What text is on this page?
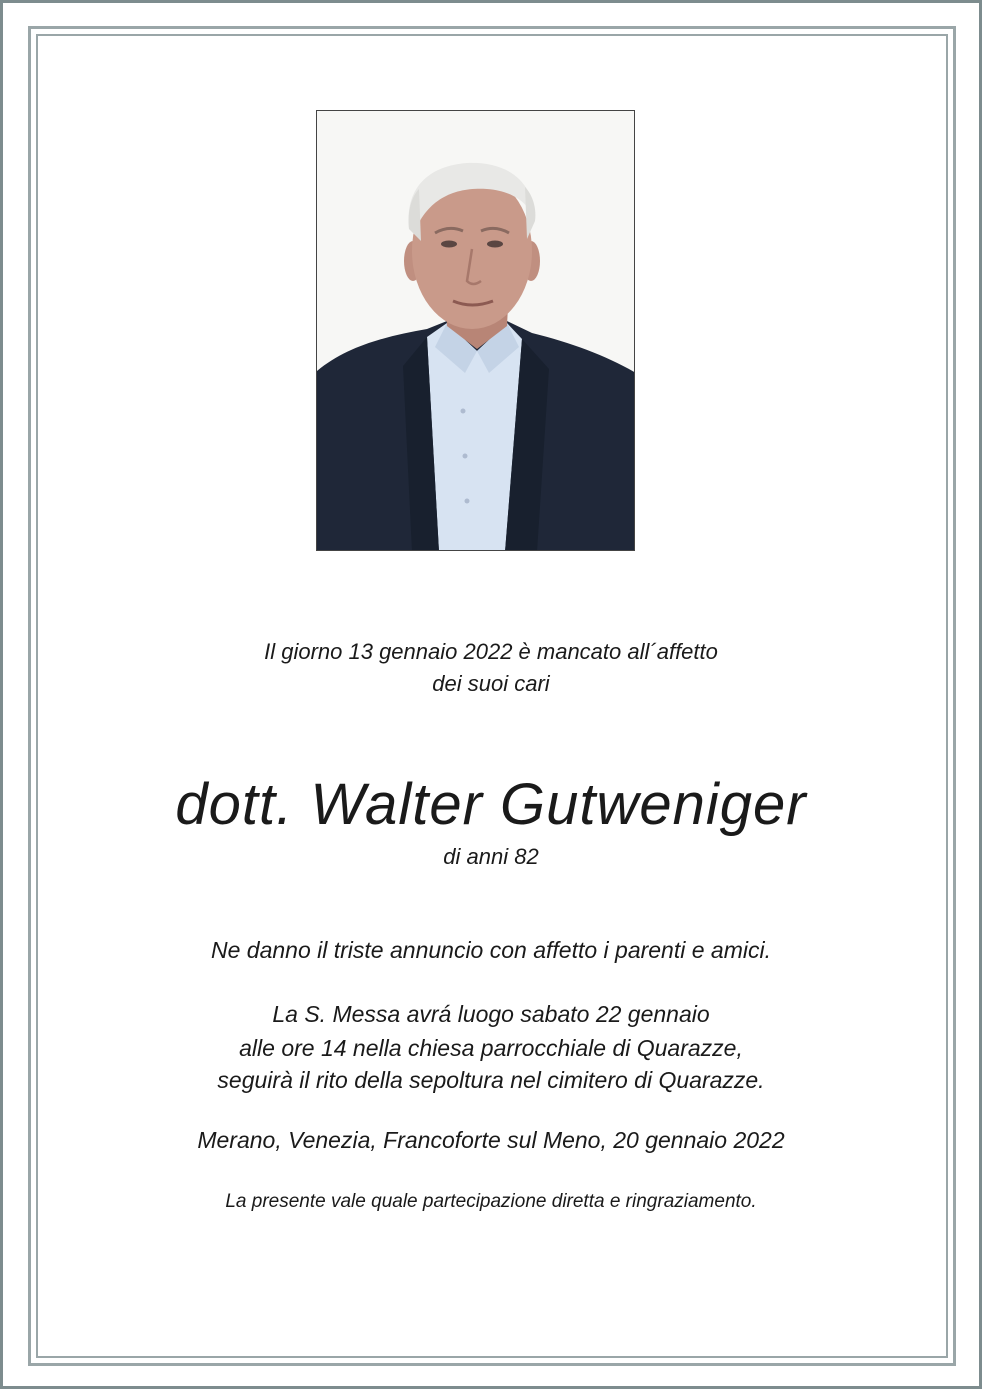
Il giorno 13 gennaio 2022 è mancato all´affetto
dei suoi cari
dott. Walter Gutweniger
di anni 82
Ne danno il triste annuncio con affetto i parenti e amici.
La S. Messa avrá luogo sabato 22 gennaio
alle ore 14 nella chiesa parrocchiale di Quarazze,
seguirà il rito della sepoltura nel cimitero di Quarazze.
Merano, Venezia, Francoforte sul Meno, 20 gennaio 2022
La presente vale quale partecipazione diretta e ringraziamento.
